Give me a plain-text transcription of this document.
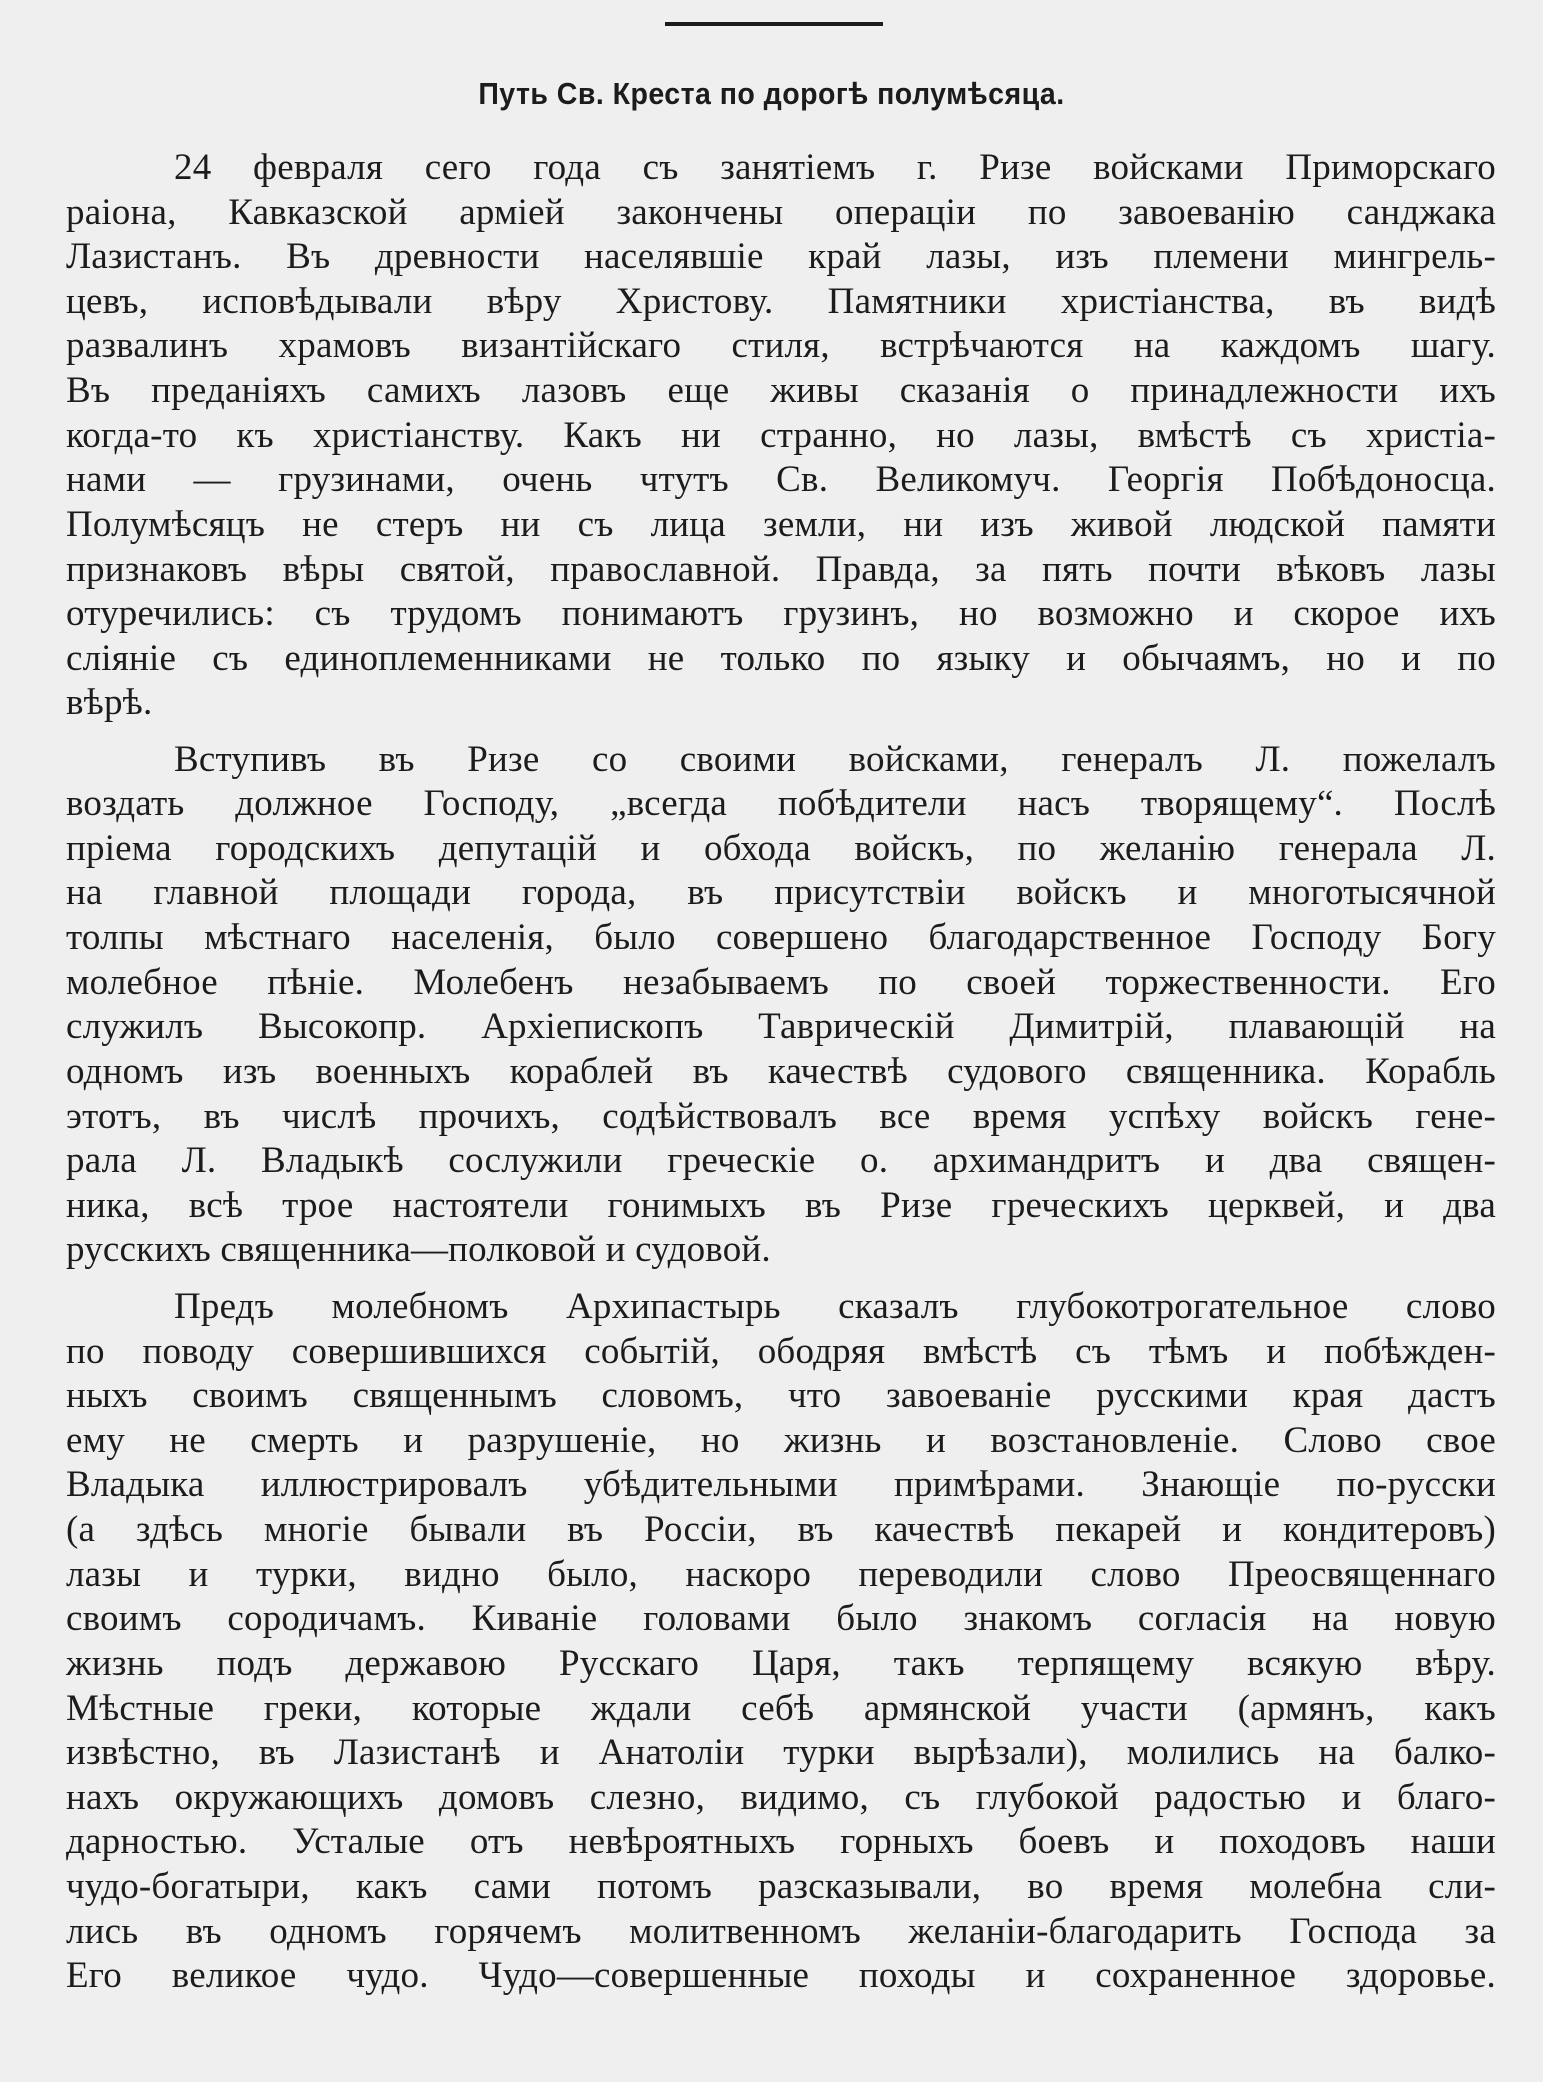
Путь Св. Креста по дорогѣ полумѣсяца.
24 февраля сего года съ занятіемъ г. Ризе войсками Приморскаго
раіона, Кавказской арміей закончены операціи по завоеванію санджака
Лазистанъ. Въ древности населявшіе край лазы, изъ племени мингрель-
цевъ, исповѣдывали вѣру Христову. Памятники христіанства, въ видѣ
развалинъ храмовъ византійскаго стиля, встрѣчаются на каждомъ шагу.
Въ преданіяхъ самихъ лазовъ еще живы сказанія о принадлежности ихъ
когда-то къ христіанству. Какъ ни странно, но лазы, вмѣстѣ съ христіа-
нами — грузинами, очень чтутъ Св. Великомуч. Георгія Побѣдоносца.
Полумѣсяцъ не стеръ ни съ лица земли, ни изъ живой людской памяти
признаковъ вѣры святой, православной. Правда, за пять почти вѣковъ лазы
отуречились: съ трудомъ понимаютъ грузинъ, но возможно и скорое ихъ
сліяніе съ единоплеменниками не только по языку и обычаямъ, но и по
вѣрѣ.
Вступивъ въ Ризе со своими войсками, генералъ Л. пожелалъ
воздать должное Господу, „всегда побѣдители насъ творящему“. Послѣ
пріема городскихъ депутацій и обхода войскъ, по желанію генерала Л.
на главной площади города, въ присутствіи войскъ и многотысячной
толпы мѣстнаго населенія, было совершено благодарственное Господу Богу
молебное пѣніе. Молебенъ незабываемъ по своей торжественности. Его
служилъ Высокопр. Архіепископъ Таврическій Димитрій, плавающій на
одномъ изъ военныхъ кораблей въ качествѣ судового священника. Корабль
этотъ, въ числѣ прочихъ, содѣйствовалъ все время успѣху войскъ гене-
рала Л. Владыкѣ сослужили греческіе о. архимандритъ и два священ-
ника, всѣ трое настоятели гонимыхъ въ Ризе греческихъ церквей, и два
русскихъ священника—полковой и судовой.
Предъ молебномъ Архипастырь сказалъ глубокотрогательное слово
по поводу совершившихся событій, ободряя вмѣстѣ съ тѣмъ и побѣжден-
ныхъ своимъ священнымъ словомъ, что завоеваніе русскими края дастъ
ему не смерть и разрушеніе, но жизнь и возстановленіе. Слово свое
Владыка иллюстрировалъ убѣдительными примѣрами. Знающіе по-русски
(а здѣсь многіе бывали въ Россіи, въ качествѣ пекарей и кондитеровъ)
лазы и турки, видно было, наскоро переводили слово Преосвященнаго
своимъ сородичамъ. Киваніе головами было знакомъ согласія на новую
жизнь подъ державою Русскаго Царя, такъ терпящему всякую вѣру.
Мѣстные греки, которые ждали себѣ армянской участи (армянъ, какъ
извѣстно, въ Лазистанѣ и Анатоліи турки вырѣзали), молились на балко-
нахъ окружающихъ домовъ слезно, видимо, съ глубокой радостью и благо-
дарностью. Усталые отъ невѣроятныхъ горныхъ боевъ и походовъ наши
чудо-богатыри, какъ сами потомъ разсказывали, во время молебна сли-
лись въ одномъ горячемъ молитвенномъ желаніи-благодарить Господа за
Его великое чудо. Чудо—совершенные походы и сохраненное здоровье.
